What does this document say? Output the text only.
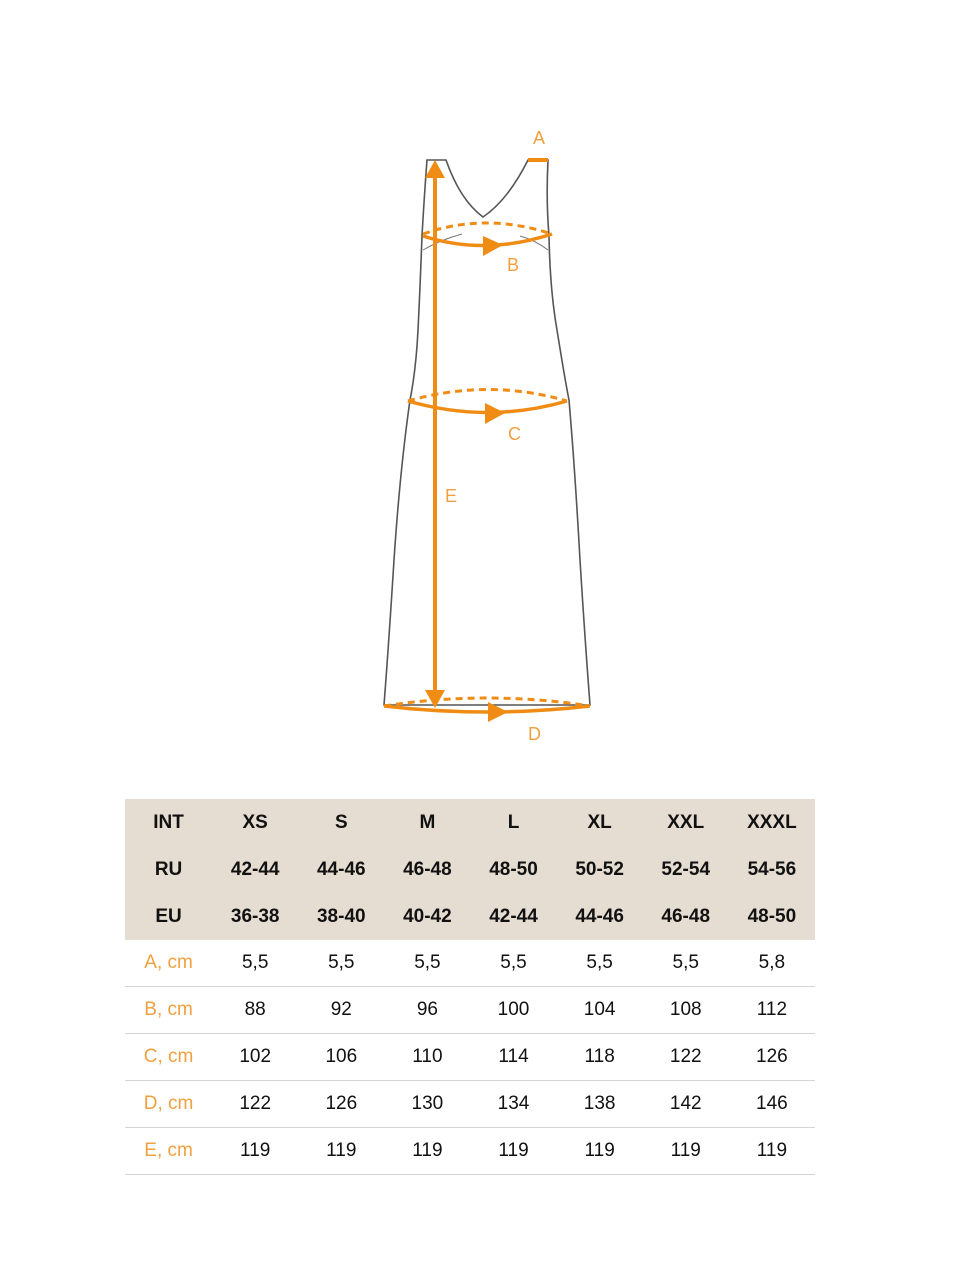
A
B
C
D
E
INT	XS	S	M	L	XL	XXL	XXXL
RU	42-44	44-46	46-48	48-50	50-52	52-54	54-56
EU	36-38	38-40	40-42	42-44	44-46	46-48	48-50
A, cm	5,5	5,5	5,5	5,5	5,5	5,5	5,8
B, cm	88	92	96	100	104	108	112
C, cm	102	106	110	114	118	122	126
D, cm	122	126	130	134	138	142	146
E, cm	119	119	119	119	119	119	119
